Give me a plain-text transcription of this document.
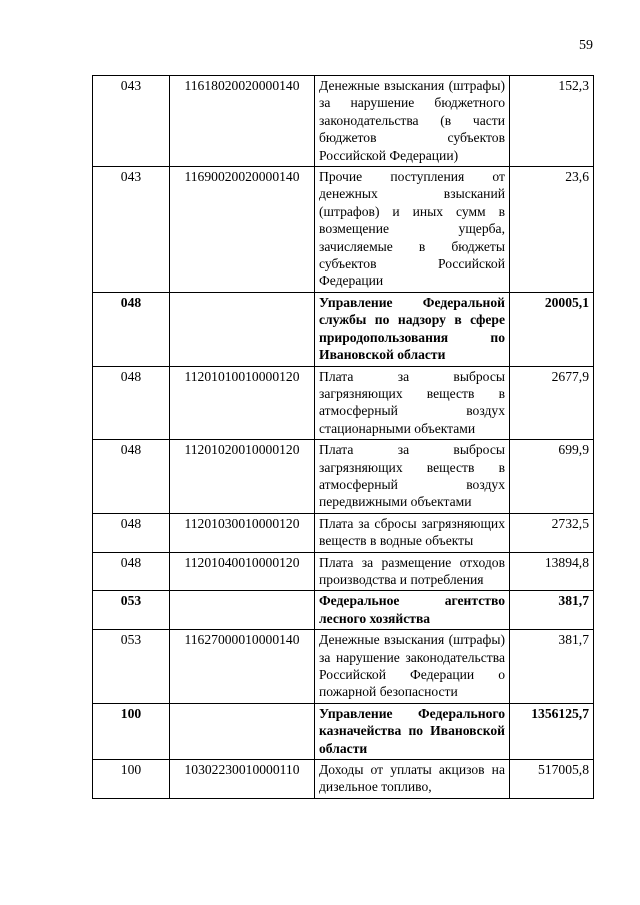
59
043	11618020020000140	Денежные взыскания (штрафы) за нарушение бюджетного законодательства (в части бюджетов субъектов Российской Федерации)	152,3
043	11690020020000140	Прочие поступления от денежных взысканий (штрафов) и иных сумм в возмещение ущерба, зачисляемые в бюджеты субъектов Российской Федерации	23,6
048		Управление Федеральной службы по надзору в сфере природопользования по Ивановской области	20005,1
048	11201010010000120	Плата за выбросы загрязняющих веществ в атмосферный воздух стационарными объектами	2677,9
048	11201020010000120	Плата за выбросы загрязняющих веществ в атмосферный воздух передвижными объектами	699,9
048	11201030010000120	Плата за сбросы загрязняющих веществ в водные объекты	2732,5
048	11201040010000120	Плата за размещение отходов производства и потребления	13894,8
053		Федеральное агентство лесного хозяйства	381,7
053	11627000010000140	Денежные взыскания (штрафы) за нарушение законодательства Российской Федерации о пожарной безопасности	381,7
100		Управление Федерального казначейства по Ивановской области	1356125,7
100	10302230010000110	Доходы от уплаты акцизов на дизельное топливо,	517005,8
